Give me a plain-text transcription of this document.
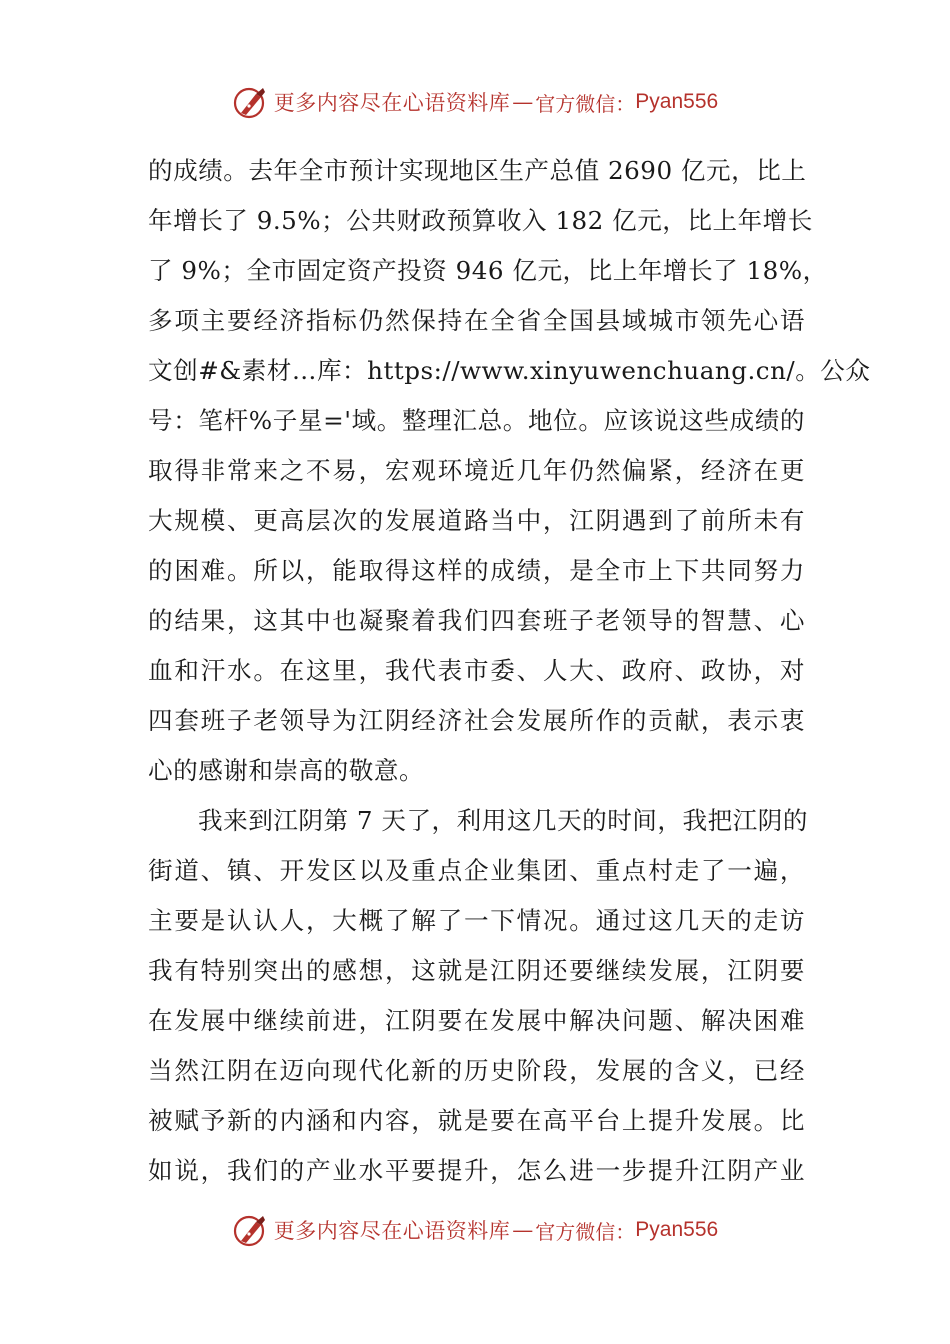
更多内容尽在心语资料库 — 官方微信： Pyan556
的成绩。去年全市预计实现地区生产总值 2690 亿元，比上
年增长了 9.5%；公共财政预算收入 182 亿元，比上年增长
了 9%；全市固定资产投资 946 亿元，比上年增长了 18%，
多项主要经济指标仍然保持在全省全国县域城市领先心语
文创#&素材…库：https://www.xinyuwenchuang.cn/。公众
号：笔杆%子星='域。整理汇总。地位。应该说这些成绩的
取得非常来之不易，宏观环境近几年仍然偏紧，经济在更
大规模、更高层次的发展道路当中，江阴遇到了前所未有
的困难。所以，能取得这样的成绩，是全市上下共同努力
的结果，这其中也凝聚着我们四套班子老领导的智慧、心
血和汗水。在这里，我代表市委、人大、政府、政协，对
四套班子老领导为江阴经济社会发展所作的贡献，表示衷
心的感谢和崇高的敬意。
我来到江阴第 7 天了，利用这几天的时间，我把江阴的
街道、镇、开发区以及重点企业集团、重点村走了一遍，
主要是认认人，大概了解了一下情况。通过这几天的走访
我有特别突出的感想，这就是江阴还要继续发展，江阴要
在发展中继续前进，江阴要在发展中解决问题、解决困难
当然江阴在迈向现代化新的历史阶段，发展的含义，已经
被赋予新的内涵和内容，就是要在高平台上提升发展。比
如说，我们的产业水平要提升，怎么进一步提升江阴产业
更多内容尽在心语资料库 — 官方微信： Pyan556
